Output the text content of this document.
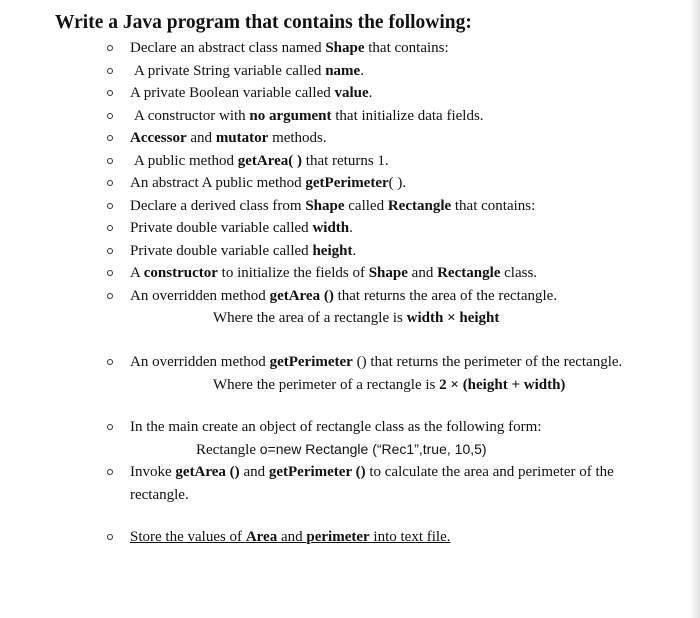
Write a Java program that contains the following:
Declare an abstract class named Shape that contains:
A private String variable called name.
A private Boolean variable called value.
A constructor with no argument that initialize data fields.
Accessor and mutator methods.
A public method getArea( ) that returns 1.
An abstract A public method getPerimeter( ).
Declare a derived class from Shape called Rectangle that contains:
Private double variable called width.
Private double variable called height.
A constructor to initialize the fields of Shape and Rectangle class.
An overridden method getArea () that returns the area of the rectangle.
Where the area of a rectangle is width × height
An overridden method getPerimeter () that returns the perimeter of the rectangle.
Where the perimeter of a rectangle is 2 × (height + width)
In the main create an object of rectangle class as the following form:
Rectangle o=new Rectangle (“Rec1”,true, 10,5)
Invoke getArea () and getPerimeter () to calculate the area and perimeter of the rectangle.
Store the values of Area and perimeter into text file.
